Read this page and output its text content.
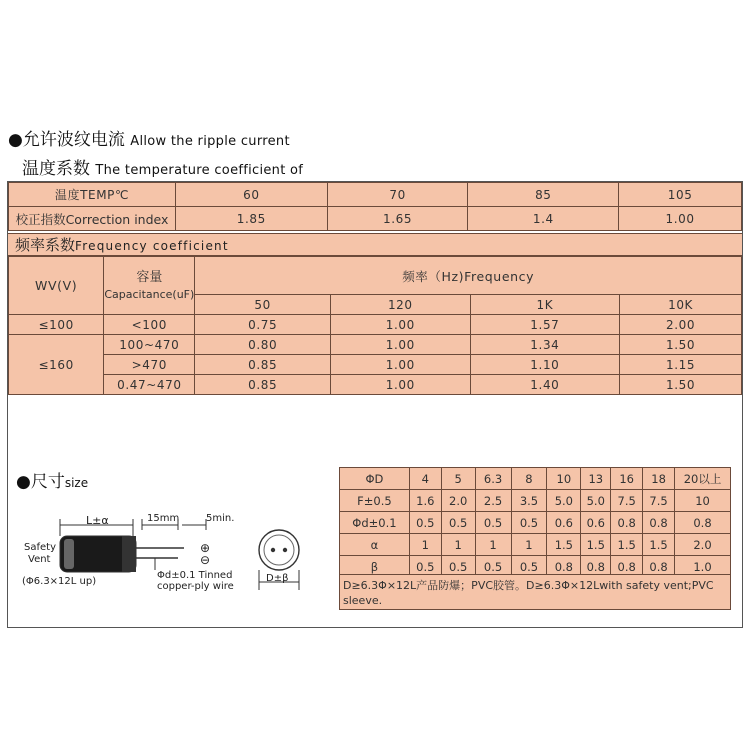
●允许波纹电流 Allow the ripple current
温度系数 The temperature coefficient of
温度TEMP℃	60	70	85	105
校正指数Correction index	1.85	1.65	1.4	1.00
频率系数Frequency coefficient
WV(V)	容量
Capacitance(uF)	频率（Hz)Frequency			

		50	120	1K	10K
≤100	<100	0.75	1.00	1.57	2.00
≤160	100~470	0.80	1.00	1.34	1.50
	>470	0.85	1.00	1.10	1.15
	0.47~470	0.85	1.00	1.40	1.50
●尺寸size
L±α	15mm	5min.
Safety
Vent
(Φ6.3×12L up)
⊕
⊖
Φd±0.1 Tinned
copper-ply wire
D±β
ΦD	4	5	6.3	8	10	13	16	18	20以上
F±0.5	1.6	2.0	2.5	3.5	5.0	5.0	7.5	7.5	10
Φd±0.1	0.5	0.5	0.5	0.5	0.6	0.6	0.8	0.8	0.8
α	1	1	1	1	1.5	1.5	1.5	1.5	2.0
β	0.5	0.5	0.5	0.5	0.8	0.8	0.8	0.8	1.0
D≥6.3Φ×12L产品防爆；PVC胶管。D≥6.3Φ×12Lwith safety vent;PVC sleeve.
